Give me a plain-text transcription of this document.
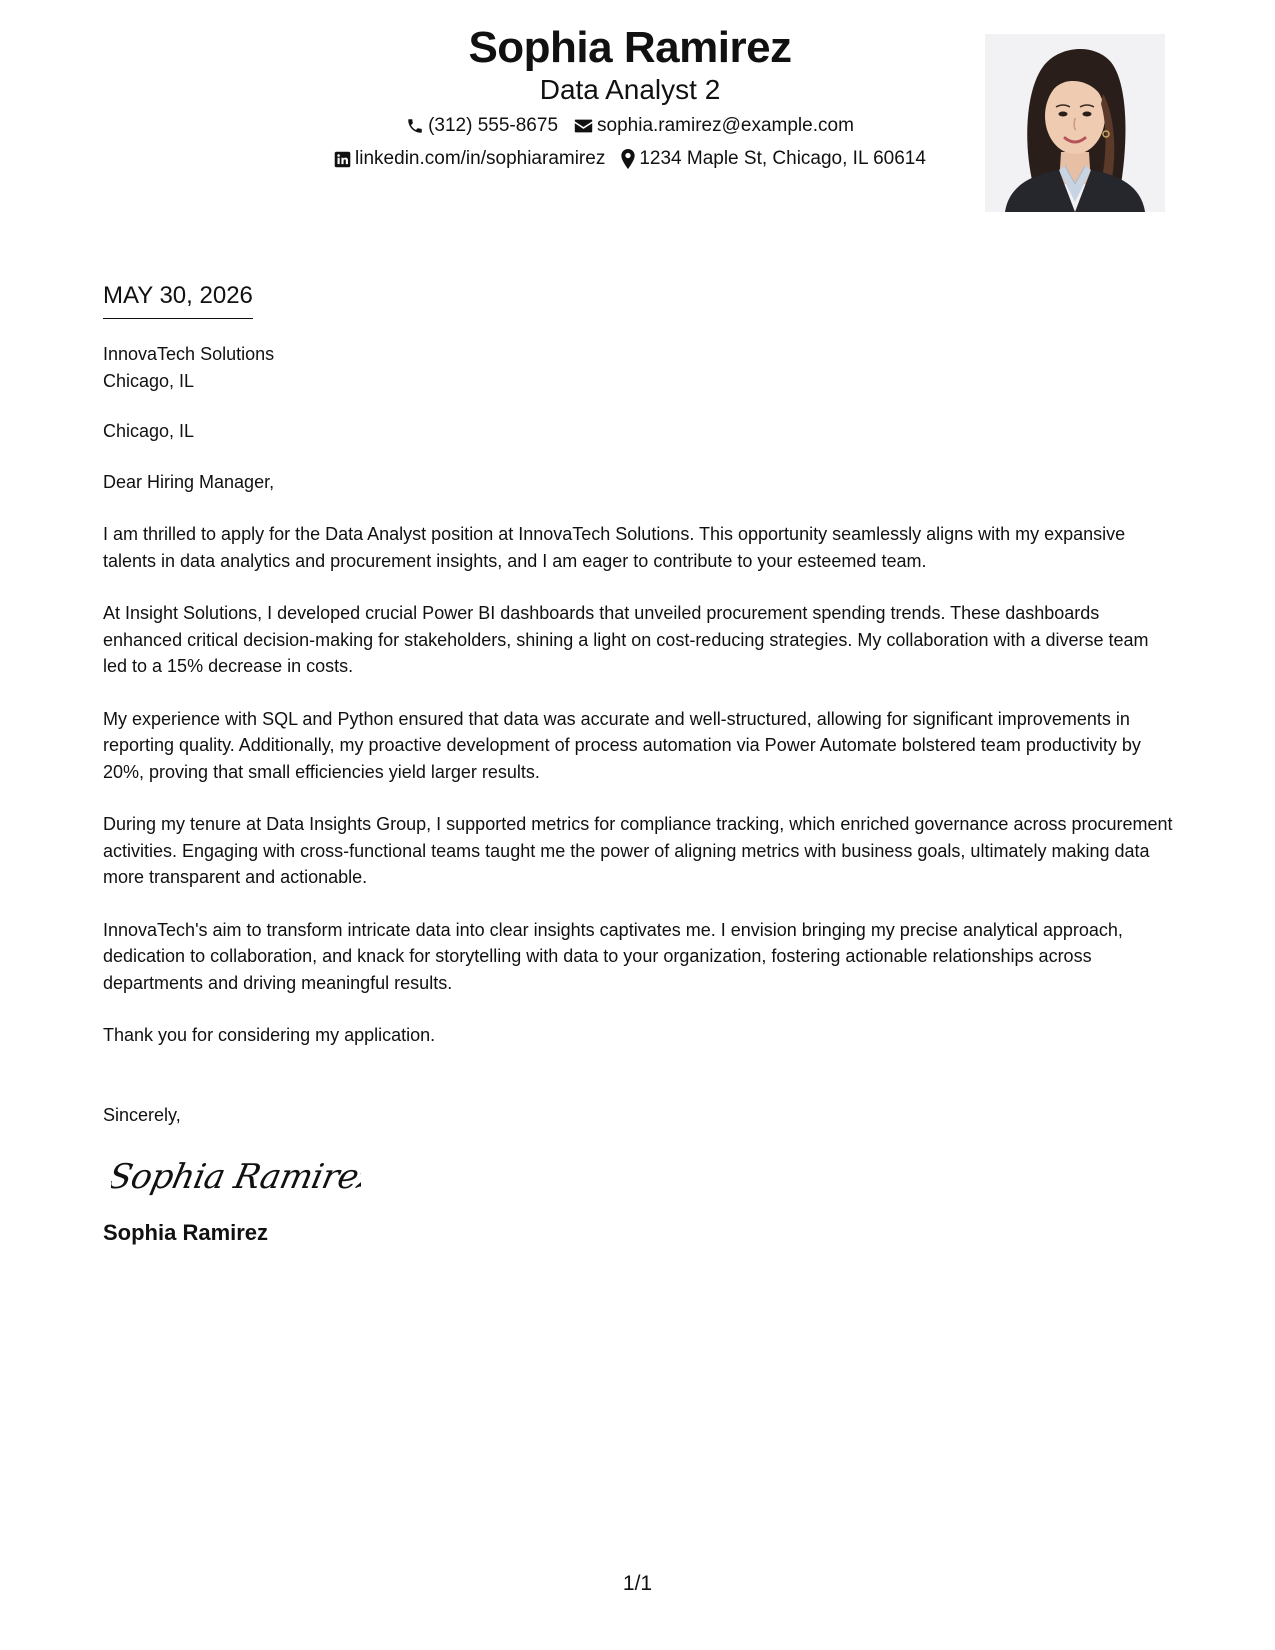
Sophia Ramirez

Data Analyst 2

(312) 555-8675 sophia.ramirez@example.com
linkedin.com/in/sophiaramirez 1234 Maple St, Chicago, IL 60614
MAY 30, 2026

InnovaTech Solutions

Chicago, IL

Chicago, IL

Dear Hiring Manager,

I am thrilled to apply for the Data Analyst position at InnovaTech Solutions. This opportunity seamlessly aligns with my expansive talents in data analytics and procurement insights, and I am eager to contribute to your esteemed team.

At Insight Solutions, I developed crucial Power BI dashboards that unveiled procurement spending trends. These dashboards enhanced critical decision-making for stakeholders, shining a light on cost-reducing strategies. My collaboration with a diverse team led to a 15% decrease in costs.

My experience with SQL and Python ensured that data was accurate and well-structured, allowing for significant improvements in reporting quality. Additionally, my proactive development of process automation via Power Automate bolstered team productivity by 20%, proving that small efficiencies yield larger results.

During my tenure at Data Insights Group, I supported metrics for compliance tracking, which enriched governance across procurement activities. Engaging with cross-functional teams taught me the power of aligning metrics with business goals, ultimately making data more transparent and actionable.

InnovaTech's aim to transform intricate data into clear insights captivates me. I envision bringing my precise analytical approach, dedication to collaboration, and knack for storytelling with data to your organization, fostering actionable relationships across departments and driving meaningful results.

Thank you for considering my application.

Sincerely,
Sophia Ramirez
Sophia Ramirez
1/1
